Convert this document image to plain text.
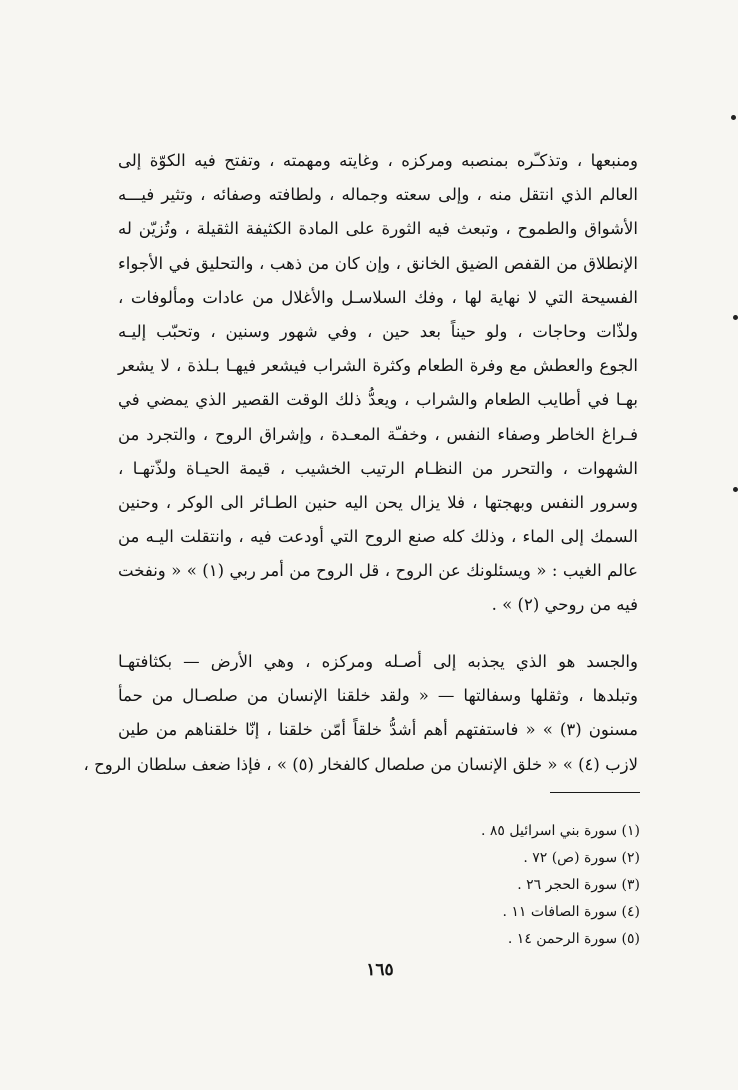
ومنبعها ، وتذكـّره بمنصبه ومركزه ، وغايته ومهمته ، وتفتح فيه الكوّة إلى
العالم الذي انتقل منه ، وإلى سعته وجماله ، ولطافته وصفائه ، وتثير فيـــه
الأشواق والطموح ، وتبعث فيه الثورة على المادة الكثيفة الثقيلة ، وتُزيّن له
الإنطلاق من القفص الضيق الخانق ، وإن كان من ذهب ، والتحليق في الأجواء
الفسيحة التي لا نهاية لها ، وفك السلاسـل والأغلال من عادات ومألوفات ،
ولذّات وحاجات ، ولو حيناً بعد حين ، وفي شهور وسنين ، وتحبّب إليـه
الجوع والعطش مع وفرة الطعام وكثرة الشراب فيشعر فيهـا بـلذة ، لا يشعر
بهـا في أطايب الطعام والشراب ، ويعدُّ ذلك الوقت القصير الذي يمضي في
فـراغ الخاطر وصفاء النفس ، وخفـّة المعـدة ، وإشراق الروح ، والتجرد من
الشهوات ، والتحرر من النظـام الرتيب الخشيب ، قيمة الحيـاة ولذّتهـا ،
وسرور النفس وبهجتها ، فلا يزال يحن اليه حنين الطـائر الى الوكر ، وحنين
السمك إلى الماء ، وذلك كله صنع الروح التي أودعت فيه ، وانتقلت اليـه من
عالم الغيب : « ويسئلونك عن الروح ، قل الروح من أمر ربي (١) » « ونفخت
فيه من روحي (٢) » .
والجسد هو الذي يجذبه إلى أصـله ومركزه ، وهي الأرض — بكثافتهـا
وتبلدها ، وثقلها وسفالتها — « ولقد خلقنا الإنسان من صلصـال من حمأ
مسنون (٣) » « فاستفتهم أهم أشدُّ خلقاً أمّن خلقنا ، إنّا خلقناهم من طين
لازب (٤) » « خلق الإنسان من صلصال كالفخار (٥) » ، فإذا ضعف سلطان الروح ،
(١) سورة بني اسرائيل ٨٥ .
(٢) سورة (ص) ٧٢ .
(٣) سورة الحجر ٢٦ .
(٤) سورة الصافات ١١ .
(٥) سورة الرحمن ١٤ .
١٦٥
